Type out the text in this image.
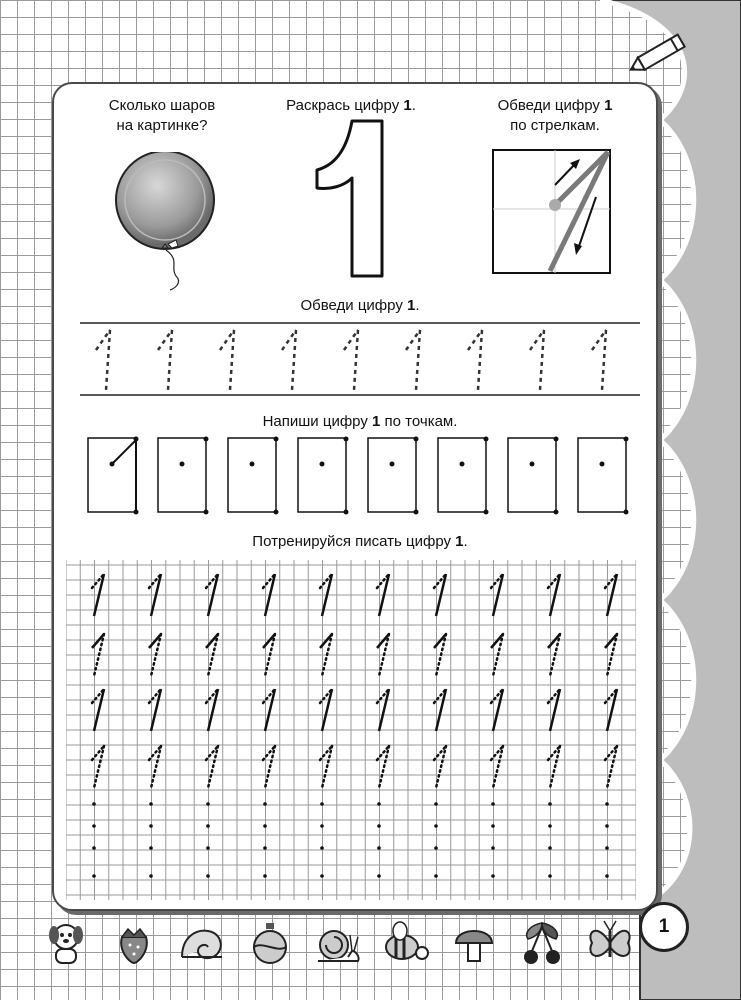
Сколько шаров
на картинке?
Раскрась цифру 1.	Обведи цифру 1
по стрелкам.
Обведи цифру 1.
Напиши цифру 1 по точкам.
Потренируйся писать цифру 1.
1
